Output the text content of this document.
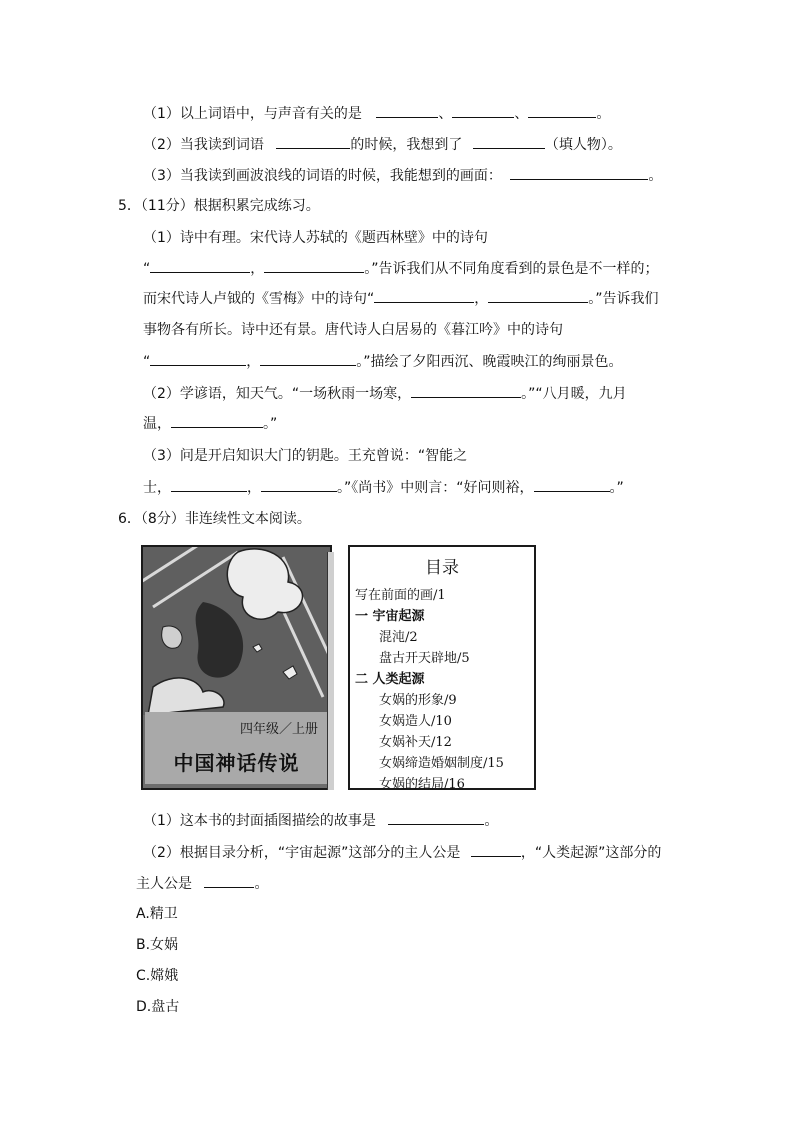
（1）以上词语中，与声音有关的是	、	、	。
（2）当我读到词语	的时候，我想到了	（填人物）。
（3）当我读到画波浪线的词语的时候，我能想到的画面：	。
5．（11分）根据积累完成练习。
（1）诗中有理。宋代诗人苏轼的《题西林壁》中的诗句
“	，	。”告诉我们从不同角度看到的景色是不一样的；
而宋代诗人卢钺的《雪梅》中的诗句“	，	。”告诉我们
事物各有所长。诗中还有景。唐代诗人白居易的《暮江吟》中的诗句
“	，	。”描绘了夕阳西沉、晚霞映江的绚丽景色。
（2）学谚语，知天气。“一场秋雨一场寒，	。”“八月暖，九月
温，	。”
（3）问是开启知识大门的钥匙。王充曾说：“智能之
士，	，	。”《尚书》中则言：“好问则裕，	。”
6．（8分）非连续性文本阅读。
四年级／上册
中国神话传说
目录
写在前面的画/1
一 宇宙起源
混沌/2
盘古开天辟地/5
二 人类起源
女娲的形象/9
女娲造人/10
女娲补天/12
女娲缔造婚姻制度/15
女娲的结局/16
（1）这本书的封面插图描绘的故事是	。
（2）根据目录分析，“宇宙起源”这部分的主人公是	，“人类起源”这部分的
主人公是	。
A.精卫
B.女娲
C.嫦娥
D.盘古
